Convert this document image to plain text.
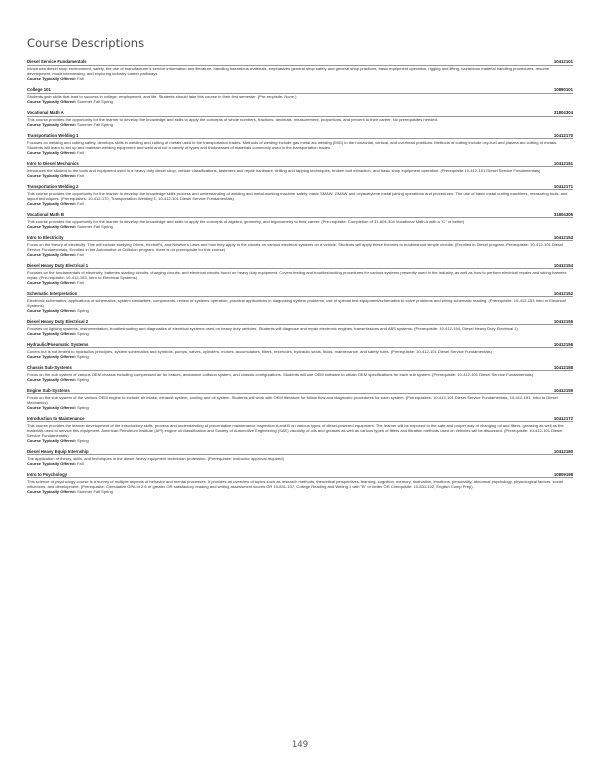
Course Descriptions
Diesel Service Fundamentals	10412101
Introduces diesel shop environment, safety, the use of manufacturer's service information and literature, handling hazardous materials, emphasizes general shop safety and general shop practices, basic equipment operation, rigging and lifting, hazardous material handling procedures, resume development, mock interviewing, and exploring industry career pathways.
Course Typically Offered: Fall
College 101	10890101
Students gain skills that lead to success in college, employment, and life. Students should take this course in their first semester. (Pre-requisite: None.)
Course Typically Offered: Summer Fall Spring
Vocational Math A	31804304
This course provides the opportunity for the learner to develop the knowledge and skills to apply the concepts of whole numbers, fractions, decimals, measurement, proportions, and percent to their career. No prerequisites needed.
Course Typically Offered: Summer Fall Spring
Transportation Welding 1	10412170
Focuses on welding and cutting safety, develops skills in welding and cutting of metals used in the transportation trades. Methods of welding include gas metal arc welding (MIG) in the horizontal, vertical, and overhead positions. Methods of cutting include oxy-fuel and plasma arc cutting of metals. Students will learn to set up and maintain welding equipment and weld and cut a variety of types and thicknesses of materials commonly used in the transportation trades.
Course Typically Offered: Fall
Intro to Diesel Mechanics	10412151
Introduces the student to the tools and equipment used in a heavy duty diesel shop, vehicle classifications, fasteners and repair hardware, drilling and tapping techniques, broken bolt extraction, and basic shop equipment operation. (Prerequisite:10-412-101 Diesel Service Fundamentals)
Course Typically Offered: Fall
Transportation Welding 2	10412171
This course provides the opportunity for the learner to develop the knowledge skills process and understanding of welding and metal-working machine safety; basic SMAW, GMAW and oxyacetylene metal joining operations and procedures. The use of basic metal cutting machines, measuring tools, and layout techniques. (Prerequisites: 10-412-170, Transportation Welding 1, 10-412-101 Diesel Service Fundamentals)
Course Typically Offered: Fall
Vocational Math B	31804305
This course provides the opportunity for the learner to develop the knowledge and skills to apply the concepts of algebra, geometry, and trigonometry to their career. (Pre-requisite: Completion of 31-804-304 Vocational Math A with a "C" or better)
Course Typically Offered: Summer Fall Spring
Intro to Electricity	10412153
Focus on the theory of electricity. This will include studying Ohms, Kirchoff's, and Newton's Laws and how they apply to the circuits on various electrical systems on a vehicle. Students will apply these theories to troubleshoot simple circuits. (Enrolled in Diesel program, Prerequisite: 10-412-101 Diesel Service Fundamentals; Enrolled in the Automotive or Collision program, there is no prerequisite for this course)
Course Typically Offered: Fall
Diesel Heavy Duty Electrical 1	10412154
Focuses on the fundamentals of electricity, batteries starting circuits, charging circuits, and electrical circuits found on heavy duty equipment. Covers testing and troubleshooting procedures for various systems presently used in the industry, as well as how to perform electrical repairs and wiring harness repair. (Pre-requisite: 10-412-153, Intro to Electrical Systems)
Course Typically Offered: Fall
Schematic Interpretation	10412152
Electronic schematics, applications of schematics, system similarities, components, review of systems operation, practical applications in diagnosing system problems, use of special test equipment/schematics to solve problems and wiring schematic reading. (Prerequisite: 10-412-153 Intro to Electrical Systems)
Course Typically Offered: Spring
Diesel Heavy Duty Electrical 2	10412155
Focuses on lighting systems, instrumentation, troubleshooting and diagnostics of electrical systems used on heavy duty vehicles. Students will diagnose and repair electronic engines, transmissions and ABS systems. (Prerequisite: 10-412-154, Diesel Heavy Duty Electrical 1)
Course Typically Offered: Spring
Hydraulic/Pneumatic Systems	10412156
Covers but is not limited to hydraulics principles, system schematics and symbols, pumps, valves, cylinders, motors, accumulators, filters, reservoirs, hydraulic seals, fluids, maintenance, and safety rules. (Prerequisite: 10-412-101 Diesel Service Fundamentals)
Course Typically Offered: Spring
Chassis Sub-Systems	10412158
Focus on the sub system of various OEM chassis including compressed air for brakes, avoidance collision system, and chassis configurations. Students will use OEM software to obtain OEM specifications for each sub system. (Prerequisite: 10-412-101 Diesel Service Fundamentals)
Course Typically Offered: Spring
Engine Sub-Systems	10412159
Focus on the sub system of the various OEM engine to include air intake, exhaust system, cooling and oil system. Students will work with OEM literature for follow flow and diagnostic procedures for each system. (Prerequisites: 10-412-101 Diesel Service Fundamentals, 10-412-151, Intro to Diesel Mechanics)
Course Typically Offered: Spring
Introduction to Maintenance	10412172
This course provides the learner development of the introductory skills, process and understanding of preventative maintenance inspection A and B on various types of diesel-powered equipment. The learner will be exposed to the safe and proper way of changing oil and filters, greasing as well as the materials used to service this equipment. American Petroleum Institute (API) engine oil classification and Society of Automotive Engineering (SAE) viscosity of oils and greases as well as various types of filters and filtration methods used on vehicles will be discussed. (Prerequisite: 10-412-101 Diesel Service Fundamentals)
Course Typically Offered: Spring
Diesel Heavy Equip Internship	10412180
The application of theory, skills, and techniques in the diesel heavy equipment technician profession. (Prerequisite: Instructor approval required)
Course Typically Offered: Fall
Intro to Psychology	10809198
This science of psychology course is a survey of multiple aspects of behavior and mental processes. It provides an overview of topics such as research methods, theoretical perspectives, learning, cognition, memory, motivation, emotions, personality, abnormal psychology, physiological factors, social influences, and development. (Prerequisite: Cumulative GPA of 2.6 or greater OR satisfactory reading and writing assessment scores OR 10-831-107, College Reading and Writing 1 with "B" or better OR Corequisite: 10-831-102, English Comp Prep).
Course Typically Offered: Summer Fall Spring
149
